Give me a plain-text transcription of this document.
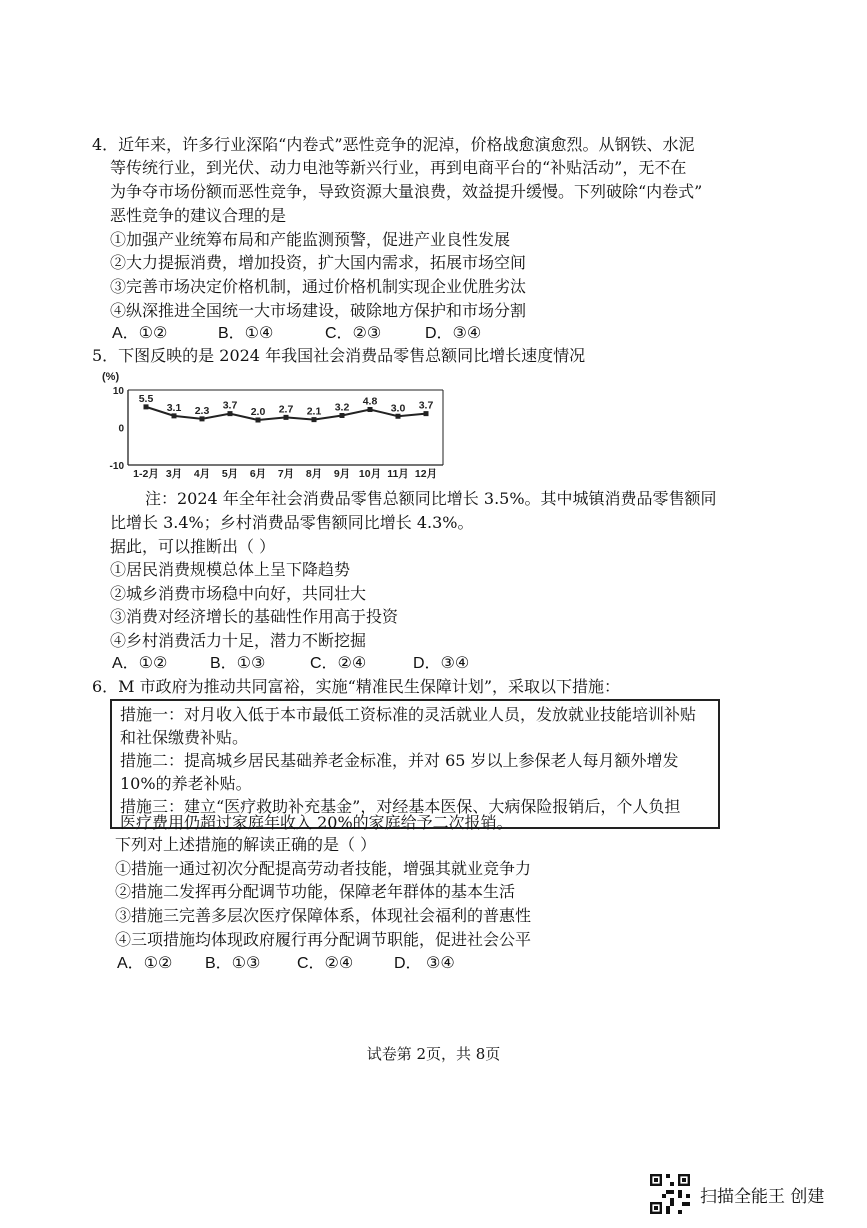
4．近年来，许多行业深陷“内卷式”恶性竞争的泥淖，价格战愈演愈烈。从钢铁、水泥
等传统行业，到光伏、动力电池等新兴行业，再到电商平台的“补贴活动”，无不在
为争夺市场份额而恶性竞争，导致资源大量浪费，效益提升缓慢。下列破除“内卷式”
恶性竞争的建议合理的是
①加强产业统筹布局和产能监测预警，促进产业良性发展
②大力提振消费，增加投资，扩大国内需求，拓展市场空间
③完善市场决定价格机制，通过价格机制实现企业优胜劣汰
④纵深推进全国统一大市场建设，破除地方保护和市场分割
A．①②	B．①④	C．②③	D．③④
5．下图反映的是 2024 年我国社会消费品零售总额同比增长速度情况
(%)
10
0
-10
1-2月 3月 4月 5月 6月 7月 8月 9月 10月 11月 12月
5.5
3.1 2.3 3.7
2.0 2.7 2.1 3.2 4.8
3.0 3.7
注：2024 年全年社会消费品零售总额同比增长 3.5%。其中城镇消费品零售额同
比增长 3.4%；乡村消费品零售额同比增长 4.3%。
据此，可以推断出（ ）
①居民消费规模总体上呈下降趋势
②城乡消费市场稳中向好，共同壮大
③消费对经济增长的基础性作用高于投资
④乡村消费活力十足，潜力不断挖掘
A．①②	B．①③	C．②④	D．③④
6．M 市政府为推动共同富裕，实施“精准民生保障计划”，采取以下措施：
措施一：对月收入低于本市最低工资标准的灵活就业人员，发放就业技能培训补贴
和社保缴费补贴。
措施二：提高城乡居民基础养老金标准，并对 65 岁以上参保老人每月额外增发
10%的养老补贴。
措施三：建立“医疗救助补充基金”，对经基本医保、大病保险报销后，个人负担
医疗费用仍超过家庭年收入 20%的家庭给予二次报销。
下列对上述措施的解读正确的是（ ）
①措施一通过初次分配提高劳动者技能，增强其就业竞争力
②措施二发挥再分配调节功能，保障老年群体的基本生活
③措施三完善多层次医疗保障体系，体现社会福利的普惠性
④三项措施均体现政府履行再分配调节职能，促进社会公平
A．①② B．①③ C．②④	D． ③④
试卷第 2页，共 8页
扫描全能王 创建
